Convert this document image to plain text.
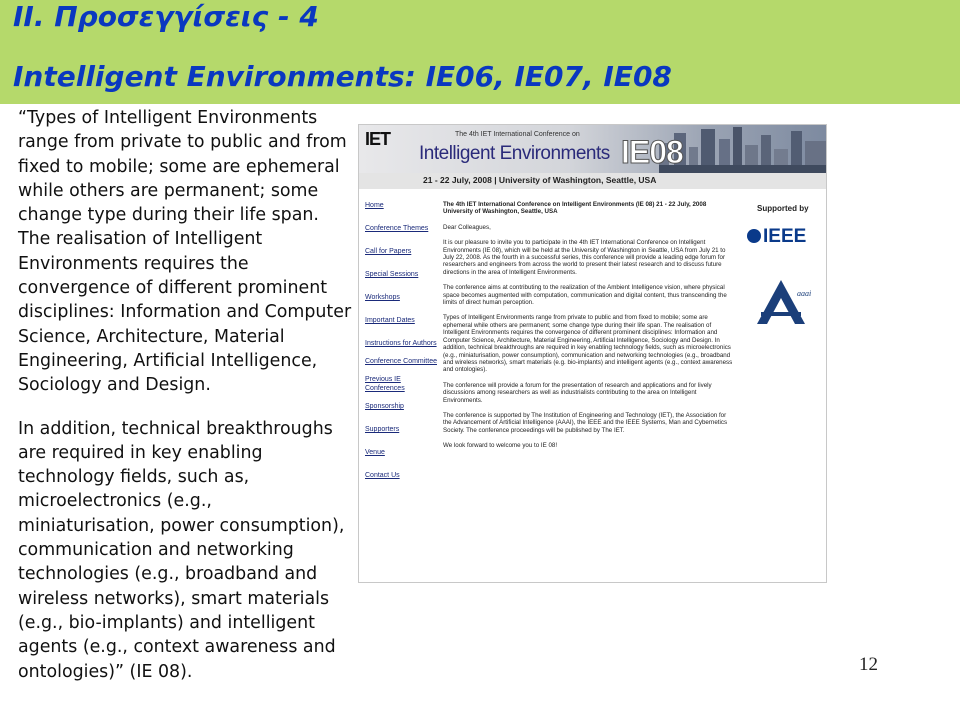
II. Προσεγγίσεις - 4
Intelligent Environments: IE06, IE07, IE08

“Types of Intelligent Environments range from private to public and from fixed to mobile; some are ephemeral while others are permanent; some change type during their life span. The realisation of Intelligent Environments requires the convergence of different prominent disciplines: Information and Computer Science, Architecture, Material Engineering, Artificial Intelligence, Sociology and Design.

In addition, technical breakthroughs are required in key enabling technology fields, such as, microelectronics (e.g., miniaturisation, power consumption), communication and networking technologies (e.g., broadband and wireless networks), smart materials (e.g., bio-implants) and intelligent agents (e.g., context awareness and ontologies)” (IE 08).

IET	The 4th IET International Conference on
Intelligent Environments IE08
21 - 22 July, 2008 | University of Washington, Seattle, USA
Home
Conference Themes
Call for Papers
Special Sessions
Workshops
Important Dates
Instructions for Authors
Conference Committee
Previous IE Conferences
Sponsorship
Supporters
Venue
Contact Us

The 4th IET International Conference on Intelligent Environments (IE 08) 21 - 22 July, 2008 University of Washington, Seattle, USA

Dear Colleagues,

It is our pleasure to invite you to participate in the 4th IET International Conference on Intelligent Environments (IE 08), which will be held at the University of Washington in Seattle, USA from July 21 to July 22, 2008. As the fourth in a successful series, this conference will provide a leading edge forum for researchers and engineers from across the world to present their latest research and to discuss future directions in the area of Intelligent Environments.

The conference aims at contributing to the realization of the Ambient Intelligence vision, where physical space becomes augmented with computation, communication and digital content, thus transcending the limits of direct human perception.

Types of Intelligent Environments range from private to public and from fixed to mobile; some are ephemeral while others are permanent; some change type during their life span. The realisation of Intelligent Environments requires the convergence of different prominent disciplines: Information and Computer Science, Architecture, Material Engineering, Artificial Intelligence, Sociology and Design. In addition, technical breakthroughs are required in key enabling technology fields, such as microelectronics (e.g., miniaturisation, power consumption), communication and networking technologies (e.g., broadband and wireless networks), smart materials (e.g. bio-implants) and intelligent agents (e.g., context awareness and ontologies).

The conference will provide a forum for the presentation of research and applications and for lively discussions among researchers as well as industrialists contributing to the area on Intelligent Environments.

The conference is supported by The Institution of Engineering and Technology (IET), the Association for the Advancement of Artificial Intelligence (AAAI), the IEEE and the IEEE Systems, Man and Cybernetics Society. The conference proceedings will be published by The IET.

We look forward to welcome you to IE 08!

Supported by
IEEE
aaai
12
